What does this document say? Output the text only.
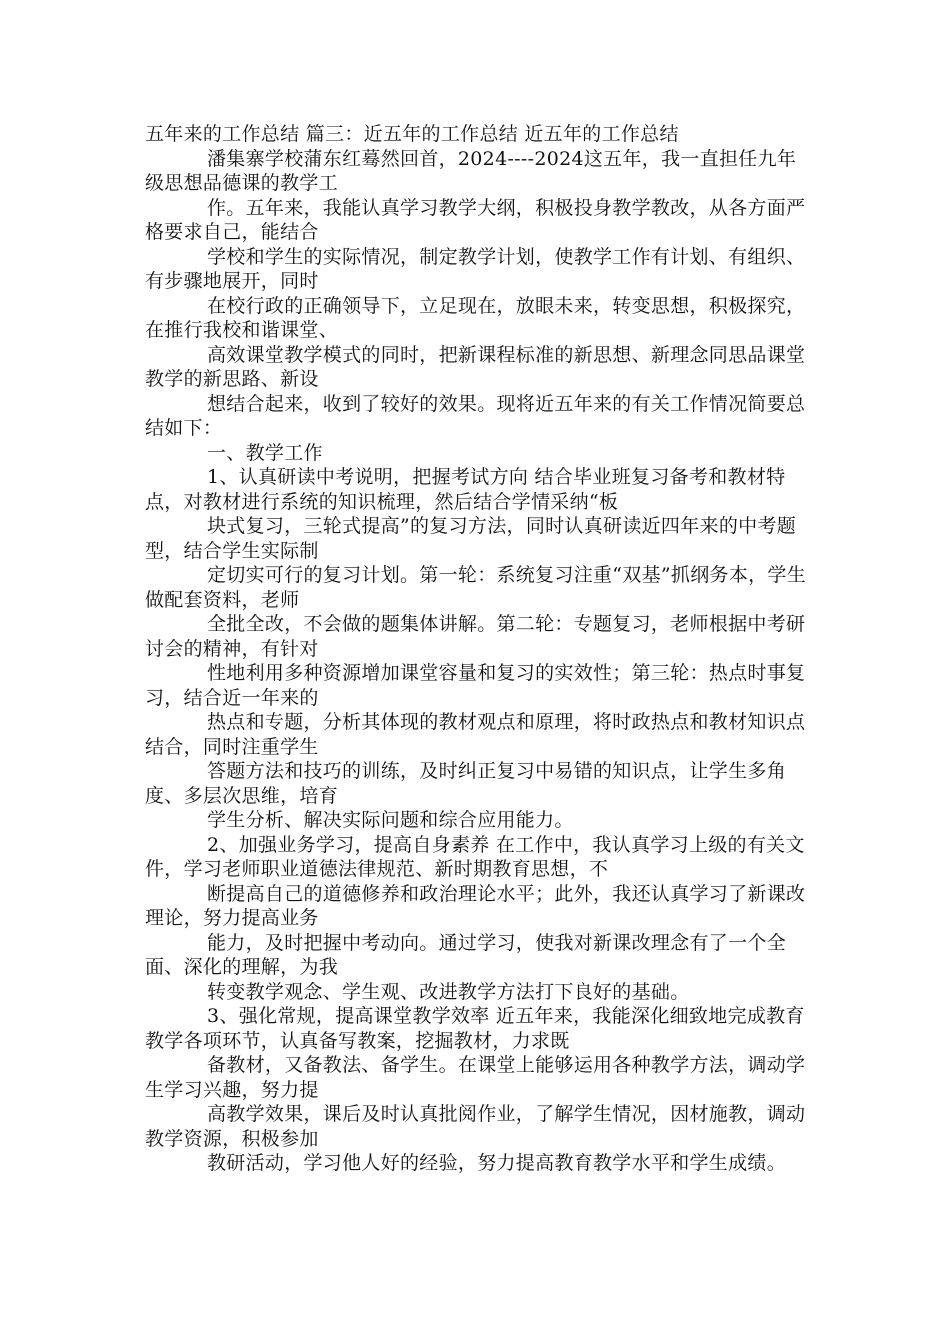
五年来的工作总结 篇三：近五年的工作总结 近五年的工作总结

潘集寨学校蒲东红蓦然回首，2024----2024这五年，我一直担任九年级思想品德课的教学工

作。五年来，我能认真学习教学大纲，积极投身教学教改，从各方面严格要求自己，能结合

学校和学生的实际情况，制定教学计划，使教学工作有计划、有组织、有步骤地展开，同时

在校行政的正确领导下，立足现在，放眼未来，转变思想，积极探究，在推行我校和谐课堂、

高效课堂教学模式的同时，把新课程标准的新思想、新理念同思品课堂教学的新思路、新设

想结合起来，收到了较好的效果。现将近五年来的有关工作情况简要总结如下：

一、教学工作

1、认真研读中考说明，把握考试方向 结合毕业班复习备考和教材特点，对教材进行系统的知识梳理，然后结合学情采纳“板

块式复习，三轮式提高”的复习方法，同时认真研读近四年来的中考题型，结合学生实际制

定切实可行的复习计划。第一轮：系统复习注重“双基”抓纲务本，学生做配套资料，老师

全批全改，不会做的题集体讲解。第二轮：专题复习，老师根据中考研讨会的精神，有针对

性地利用多种资源增加课堂容量和复习的实效性；第三轮：热点时事复习，结合近一年来的

热点和专题，分析其体现的教材观点和原理，将时政热点和教材知识点结合，同时注重学生

答题方法和技巧的训练，及时纠正复习中易错的知识点，让学生多角度、多层次思维，培育

学生分析、解决实际问题和综合应用能力。

2、加强业务学习，提高自身素养 在工作中，我认真学习上级的有关文件，学习老师职业道德法律规范、新时期教育思想，不

断提高自己的道德修养和政治理论水平；此外，我还认真学习了新课改理论，努力提高业务

能力，及时把握中考动向。通过学习，使我对新课改理念有了一个全面、深化的理解，为我

转变教学观念、学生观、改进教学方法打下良好的基础。

3、强化常规，提高课堂教学效率 近五年来，我能深化细致地完成教育教学各项环节，认真备写教案，挖掘教材，力求既

备教材，又备教法、备学生。在课堂上能够运用各种教学方法，调动学生学习兴趣，努力提

高教学效果，课后及时认真批阅作业，了解学生情况，因材施教，调动教学资源，积极参加

教研活动，学习他人好的经验，努力提高教育教学水平和学生成绩。
